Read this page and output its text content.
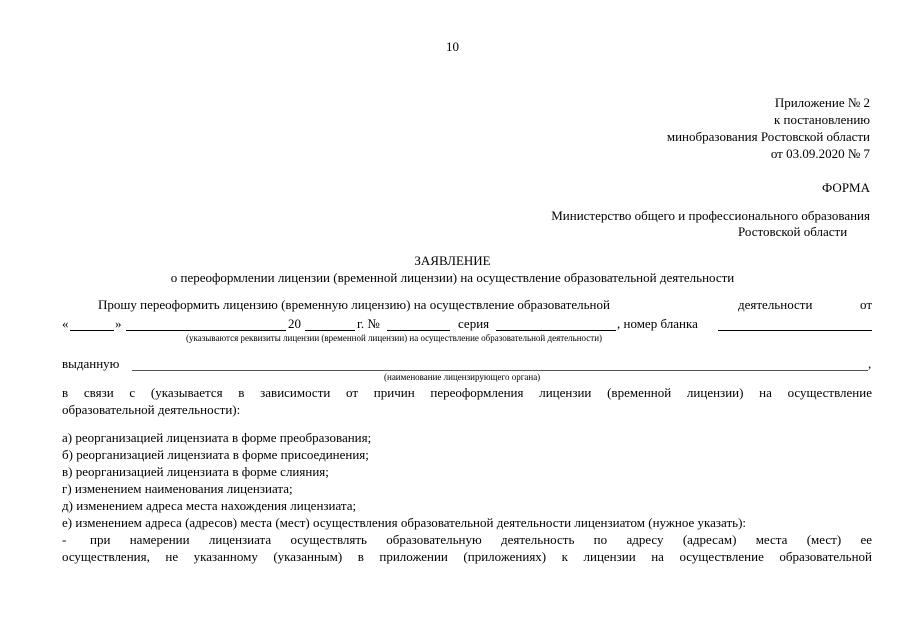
10
Приложение № 2
к постановлению
минобразования Ростовской области
от 03.09.2020 № 7
ФОРМА
Министерство общего и профессионального образования
Ростовской области
ЗАЯВЛЕНИЕ
о переоформлении лицензии (временной лицензии) на осуществление образовательной деятельности
Прошу переоформить лицензию (временную лицензию) на осуществление образовательной	деятельности	от
«	»	20	г. №	серия	, номер бланка
(указываются реквизиты лицензии (временной лицензии) на осуществление образовательной деятельности)
выданную	,
(наименование лицензирующего органа)
в связи с (указывается в зависимости от причин переоформления лицензии (временной лицензии) на осуществление
образовательной деятельности):
а) реорганизацией лицензиата в форме преобразования;
б) реорганизацией лицензиата в форме присоединения;
в) реорганизацией лицензиата в форме слияния;
г) изменением наименования лицензиата;
д) изменением адреса места нахождения лицензиата;
е) изменением адреса (адресов) места (мест) осуществления образовательной деятельности лицензиатом (нужное указать):
- при намерении лицензиата осуществлять образовательную деятельность по адресу (адресам) места (мест) ее
осуществления, не указанному (указанным) в приложении (приложениях) к лицензии на осуществление образовательной
